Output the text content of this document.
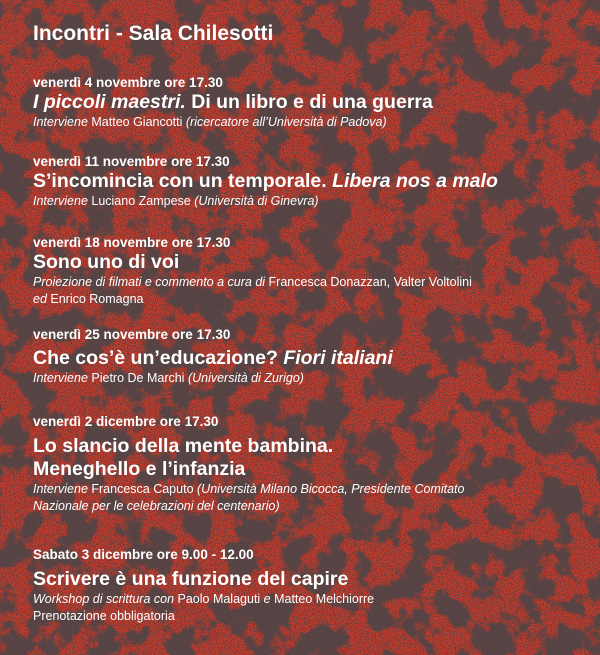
Incontri - Sala Chilesotti
venerdì 4 novembre ore 17.30
I piccoli maestri. Di un libro e di una guerra
Interviene Matteo Giancotti (ricercatore all’Università di Padova)
venerdì 11 novembre ore 17.30
S’incomincia con un temporale. Libera nos a malo
Interviene Luciano Zampese (Università di Ginevra)
venerdì 18 novembre ore 17.30
Sono uno di voi
Proiezione di filmati e commento a cura di Francesca Donazzan, Valter Voltolini
ed Enrico Romagna
venerdì 25 novembre ore 17.30
Che cos’è un’educazione? Fiori italiani
Interviene Pietro De Marchi (Università di Zurigo)
venerdì 2 dicembre ore 17.30
Lo slancio della mente bambina.
Meneghello e l’infanzia
Interviene Francesca Caputo (Università Milano Bicocca, Presidente Comitato
Nazionale per le celebrazioni del centenario)
Sabato 3 dicembre ore 9.00 - 12.00
Scrivere è una funzione del capire
Workshop di scrittura con Paolo Malaguti e Matteo Melchiorre
Prenotazione obbligatoria
